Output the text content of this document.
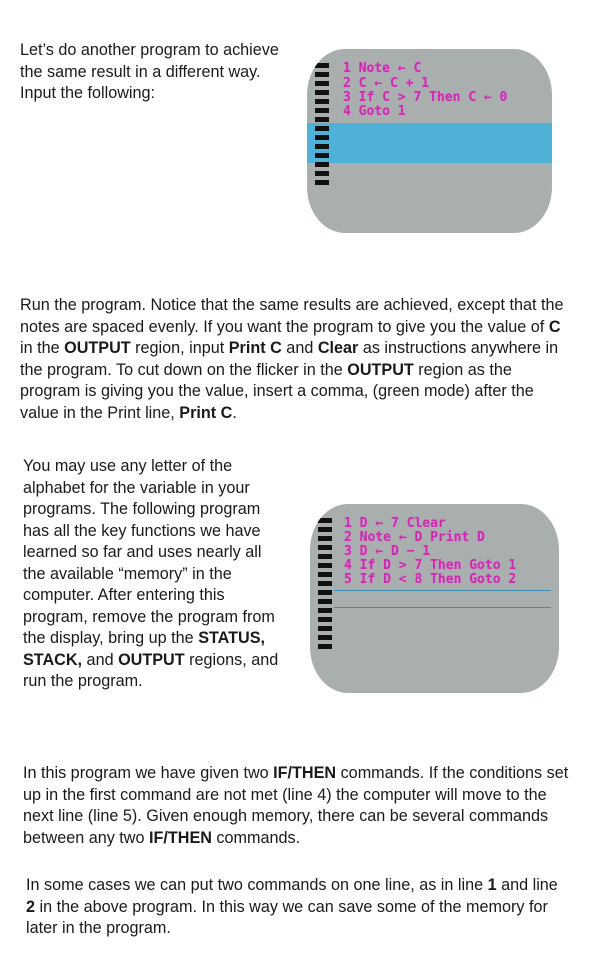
Let’s do another program to achieve the same result in a different way. Input the following:

1 Note ← C
2 C ← C + 1
3 If C > 7 Then C ← 0
4 Goto 1

Run the program. Notice that the same results are achieved, except that the notes are spaced evenly. If you want the program to give you the value of C in the OUTPUT region, input Print C and Clear as instructions anywhere in the program. To cut down on the flicker in the OUTPUT region as the program is giving you the value, insert a comma, (green mode) after the value in the Print line, Print C.

You may use any letter of the alphabet for the variable in your programs. The following program has all the key functions we have learned so far and uses nearly all the available “memory” in the computer. After entering this program, remove the program from the display, bring up the STATUS, STACK, and OUTPUT regions, and run the program.

1 D ← 7 Clear
2 Note ← D Print D
3 D ← D − 1
4 If D > 7 Then Goto 1
5 If D < 8 Then Goto 2

In this program we have given two IF/THEN commands. If the conditions set up in the first command are not met (line 4) the computer will move to the next line (line 5). Given enough memory, there can be several commands between any two IF/THEN commands.

In some cases we can put two commands on one line, as in line 1 and line 2 in the above program. In this way we can save some of the memory for later in the program.
